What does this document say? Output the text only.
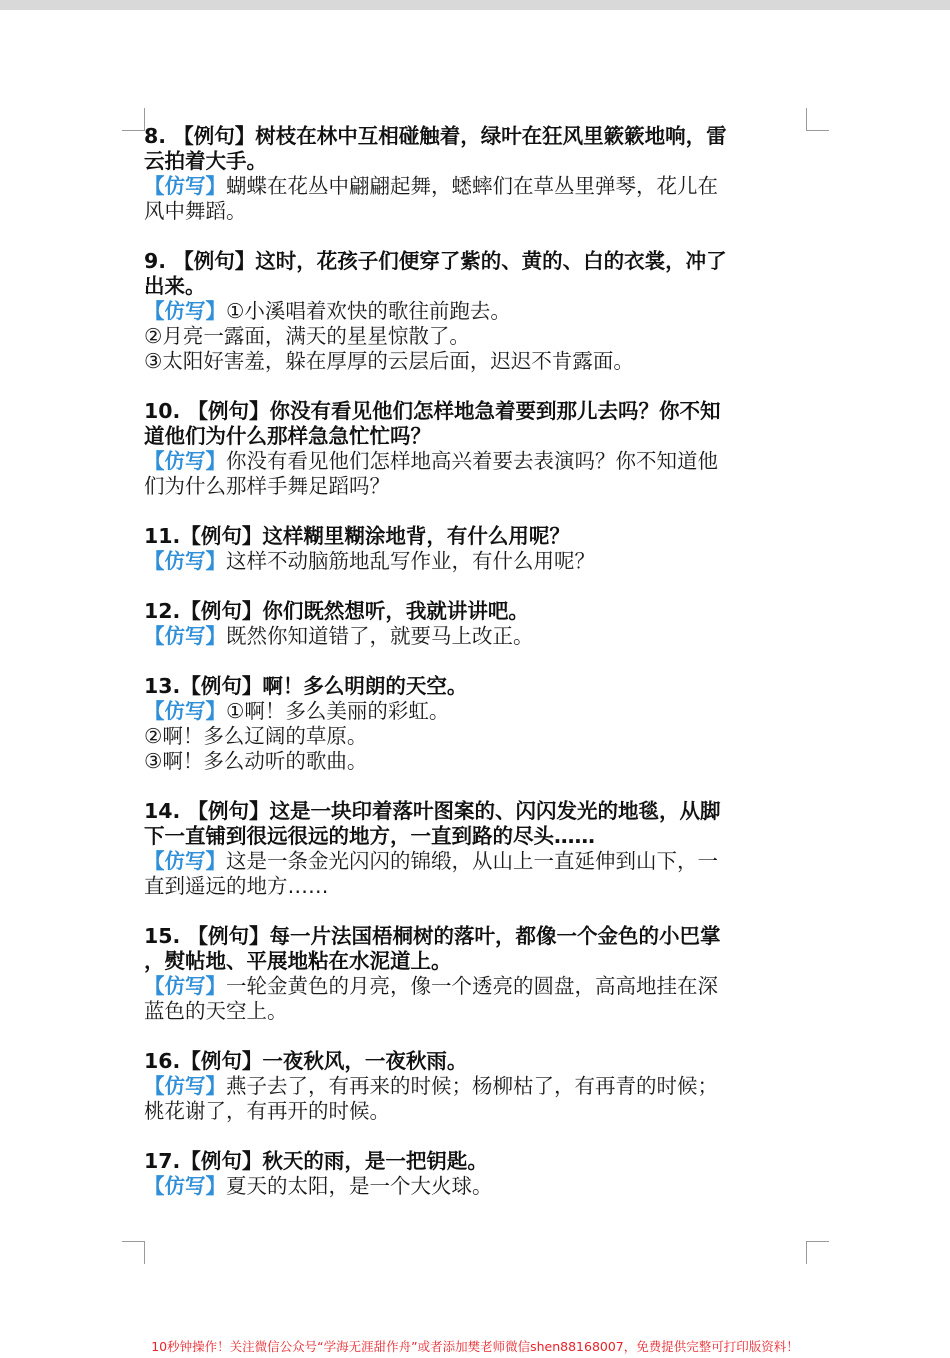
8. 【例句】树枝在林中互相碰触着，绿叶在狂风里簌簌地响，雷
云拍着大手。
【仿写】蝴蝶在花丛中翩翩起舞，蟋蟀们在草丛里弹琴，花儿在
风中舞蹈。
9. 【例句】这时，花孩子们便穿了紫的、黄的、白的衣裳，冲了
出来。
【仿写】①小溪唱着欢快的歌往前跑去。
②月亮一露面，满天的星星惊散了。
③太阳好害羞，躲在厚厚的云层后面，迟迟不肯露面。
10. 【例句】你没有看见他们怎样地急着要到那儿去吗？你不知
道他们为什么那样急急忙忙吗？
【仿写】你没有看见他们怎样地高兴着要去表演吗？你不知道他
们为什么那样手舞足蹈吗？
11.【例句】这样糊里糊涂地背，有什么用呢？
【仿写】这样不动脑筋地乱写作业，有什么用呢？
12.【例句】你们既然想听，我就讲讲吧。
【仿写】既然你知道错了，就要马上改正。
13.【例句】啊！多么明朗的天空。
【仿写】①啊！多么美丽的彩虹。
②啊！多么辽阔的草原。
③啊！多么动听的歌曲。
14. 【例句】这是一块印着落叶图案的、闪闪发光的地毯，从脚
下一直铺到很远很远的地方，一直到路的尽头……
【仿写】这是一条金光闪闪的锦缎，从山上一直延伸到山下，一
直到遥远的地方……
15. 【例句】每一片法国梧桐树的落叶，都像一个金色的小巴掌
，熨帖地、平展地粘在水泥道上。
【仿写】一轮金黄色的月亮，像一个透亮的圆盘，高高地挂在深
蓝色的天空上。
16.【例句】一夜秋风，一夜秋雨。
【仿写】燕子去了，有再来的时候；杨柳枯了，有再青的时候；
桃花谢了，有再开的时候。
17.【例句】秋天的雨，是一把钥匙。
【仿写】夏天的太阳，是一个大火球。
10秒钟操作！关注微信公众号“学海无涯甜作舟”或者添加樊老师微信shen88168007，免费提供完整可打印版资料！
